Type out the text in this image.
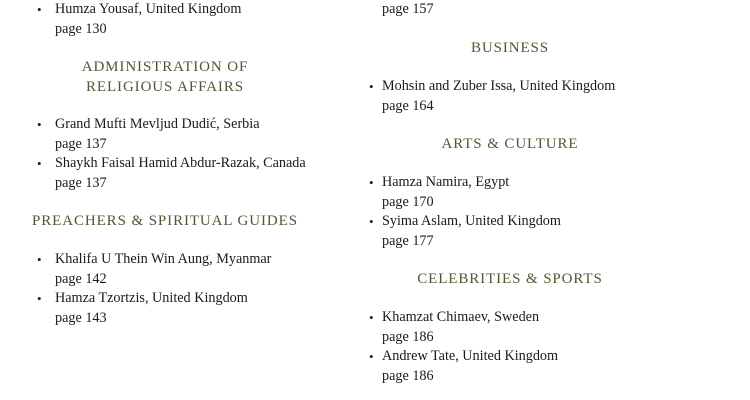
• Humza Yousaf, United Kingdom
page 130
ADMINISTRATION OF
RELIGIOUS AFFAIRS
• Grand Mufti Mevljud Dudić, Serbia
page 137
• Shaykh Faisal Hamid Abdur-Razak, Canada
page 137
PREACHERS & SPIRITUAL GUIDES
• Khalifa U Thein Win Aung, Myanmar
page 142
• Hamza Tzortzis, United Kingdom
page 143
page 157
BUSINESS
• Mohsin and Zuber Issa, United Kingdom
page 164
ARTS & CULTURE
• Hamza Namira, Egypt
page 170
• Syima Aslam, United Kingdom
page 177
CELEBRITIES & SPORTS
• Khamzat Chimaev, Sweden
page 186
• Andrew Tate, United Kingdom
page 186
